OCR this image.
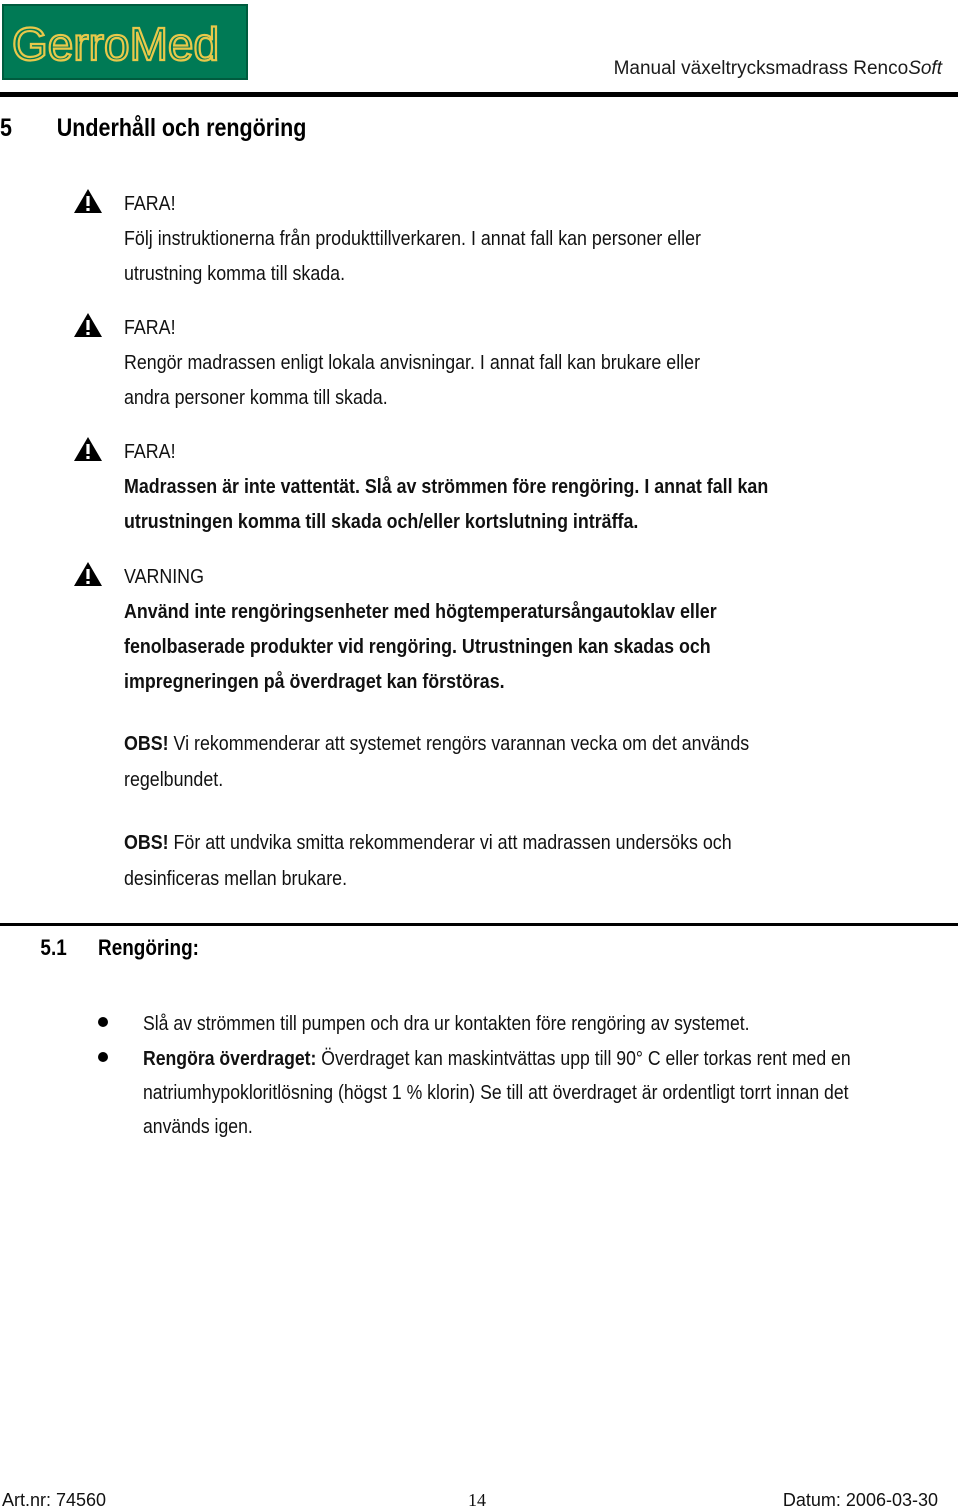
GerroMed	Manual växeltrycksmadrass RencoSoft
5 Underhåll och rengöring
FARA!
Följ instruktionerna från produkttillverkaren. I annat fall kan personer eller
utrustning komma till skada.
FARA!
Rengör madrassen enligt lokala anvisningar. I annat fall kan brukare eller
andra personer komma till skada.
FARA!
Madrassen är inte vattentät. Slå av strömmen före rengöring. I annat fall kan
utrustningen komma till skada och/eller kortslutning inträffa.
VARNING
Använd inte rengöringsenheter med högtemperatursångautoklav eller
fenolbaserade produkter vid rengöring. Utrustningen kan skadas och
impregneringen på överdraget kan förstöras.
OBS! Vi rekommenderar att systemet rengörs varannan vecka om det används
regelbundet.
OBS! För att undvika smitta rekommenderar vi att madrassen undersöks och
desinficeras mellan brukare.
5.1 Rengöring:
Slå av strömmen till pumpen och dra ur kontakten före rengöring av systemet.
Rengöra överdraget: Överdraget kan maskintvättas upp till 90° C eller torkas rent med en
natriumhypokloritlösning (högst 1 % klorin) Se till att överdraget är ordentligt torrt innan det
används igen.
Art.nr: 74560	14	Datum: 2006-03-30
